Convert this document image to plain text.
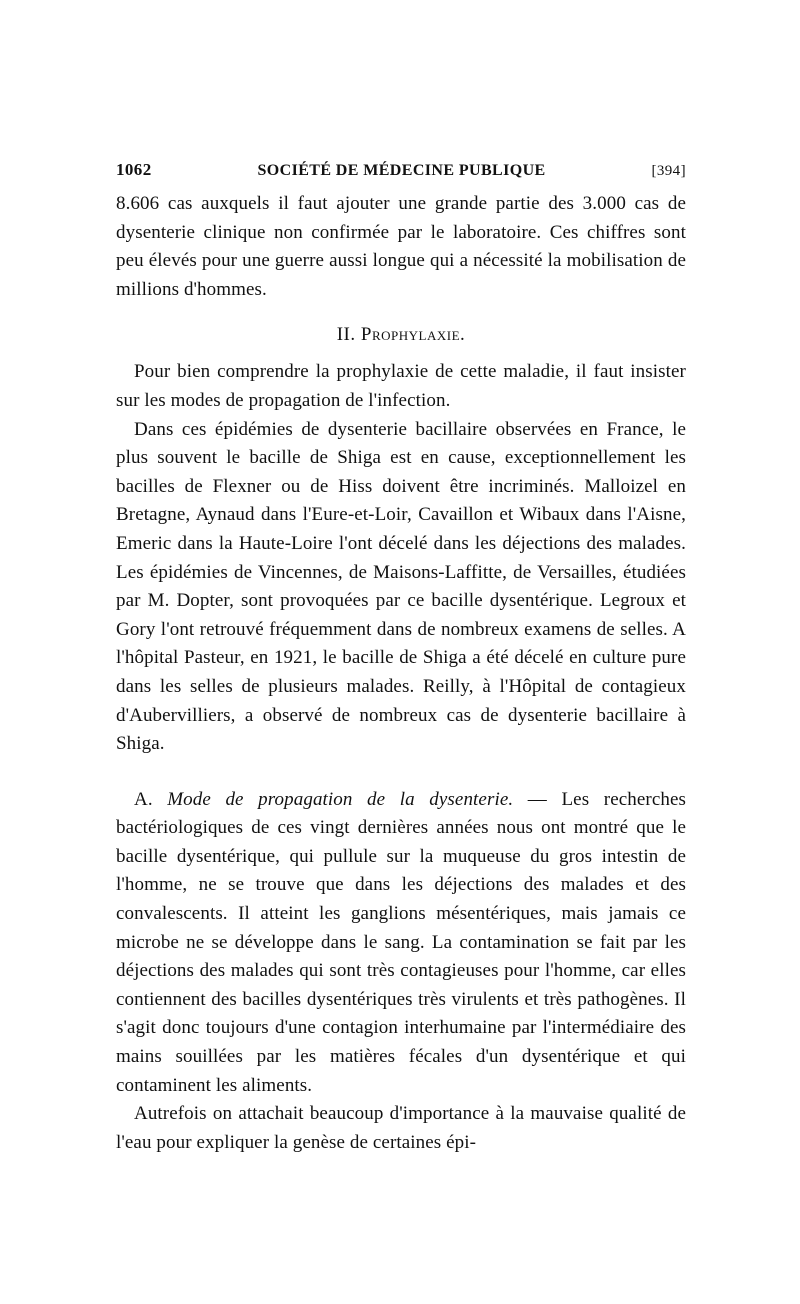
1062	SOCIÉTÉ DE MÉDECINE PUBLIQUE	[394]

8.606 cas auxquels il faut ajouter une grande partie des 3.000 cas de dysenterie clinique non confirmée par le laboratoire. Ces chiffres sont peu élevés pour une guerre aussi longue qui a nécessité la mobilisation de millions d'hommes.

II. Prophylaxie.

Pour bien comprendre la prophylaxie de cette maladie, il faut insister sur les modes de propagation de l'infection.

Dans ces épidémies de dysenterie bacillaire observées en France, le plus souvent le bacille de Shiga est en cause, exceptionnellement les bacilles de Flexner ou de Hiss doivent être incriminés. Malloizel en Bretagne, Aynaud dans l'Eure-et-Loir, Cavaillon et Wibaux dans l'Aisne, Emeric dans la Haute-Loire l'ont décelé dans les déjections des malades. Les épidémies de Vincennes, de Maisons-Laffitte, de Versailles, étudiées par M. Dopter, sont provoquées par ce bacille dysentérique. Legroux et Gory l'ont retrouvé fréquemment dans de nombreux examens de selles. A l'hôpital Pasteur, en 1921, le bacille de Shiga a été décelé en culture pure dans les selles de plusieurs malades. Reilly, à l'Hôpital de contagieux d'Aubervilliers, a observé de nombreux cas de dysenterie bacillaire à Shiga.

A. Mode de propagation de la dysenterie. — Les recherches bactériologiques de ces vingt dernières années nous ont montré que le bacille dysentérique, qui pullule sur la muqueuse du gros intestin de l'homme, ne se trouve que dans les déjections des malades et des convalescents. Il atteint les ganglions mésentériques, mais jamais ce microbe ne se développe dans le sang. La contamination se fait par les déjections des malades qui sont très contagieuses pour l'homme, car elles contiennent des bacilles dysentériques très virulents et très pathogènes. Il s'agit donc toujours d'une contagion interhumaine par l'intermédiaire des mains souillées par les matières fécales d'un dysentérique et qui contaminent les aliments.

Autrefois on attachait beaucoup d'importance à la mauvaise qualité de l'eau pour expliquer la genèse de certaines épi-
